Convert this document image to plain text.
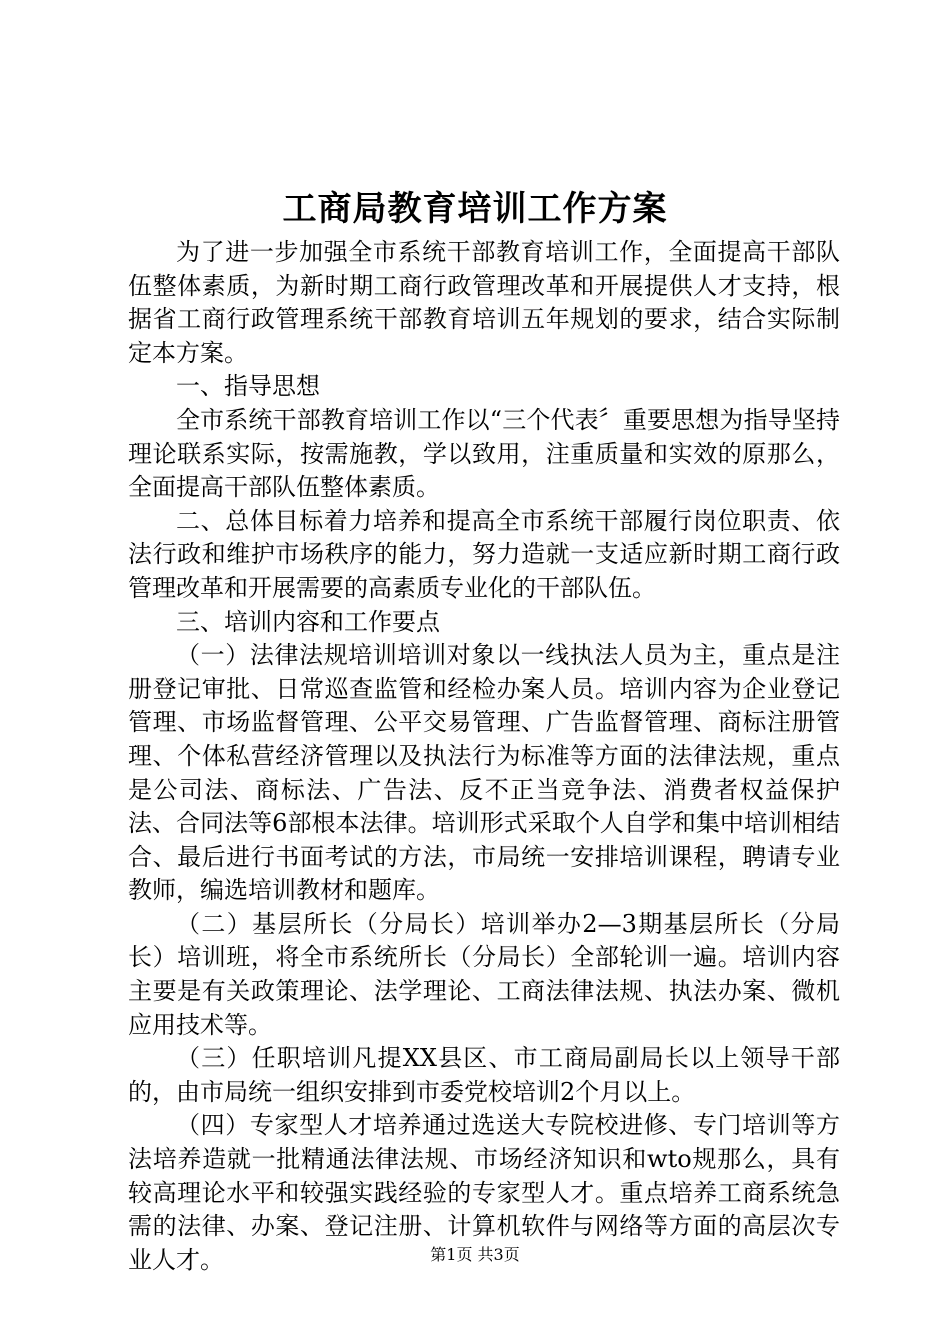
工商局教育培训工作方案

为了进一步加强全市系统干部教育培训工作，全面提高干部队伍整体素质，为新时期工商行政管理改革和开展提供人才支持，根据省工商行政管理系统干部教育培训五年规划的要求，结合实际制定本方案。

一、指导思想

全市系统干部教育培训工作以“三个代表〞重要思想为指导坚持理论联系实际，按需施教，学以致用，注重质量和实效的原那么，全面提高干部队伍整体素质。

二、总体目标着力培养和提高全市系统干部履行岗位职责、依法行政和维护市场秩序的能力，努力造就一支适应新时期工商行政管理改革和开展需要的高素质专业化的干部队伍。

三、培训内容和工作要点

（一）法律法规培训培训对象以一线执法人员为主，重点是注册登记审批、日常巡查监管和经检办案人员。培训内容为企业登记管理、市场监督管理、公平交易管理、广告监督管理、商标注册管理、个体私营经济管理以及执法行为标准等方面的法律法规，重点是公司法、商标法、广告法、反不正当竞争法、消费者权益保护法、合同法等6部根本法律。培训形式采取个人自学和集中培训相结合、最后进行书面考试的方法，市局统一安排培训课程，聘请专业教师，编选培训教材和题库。

（二）基层所长（分局长）培训举办2—3期基层所长（分局长）培训班，将全市系统所长（分局长）全部轮训一遍。培训内容主要是有关政策理论、法学理论、工商法律法规、执法办案、微机应用技术等。

（三）任职培训凡提XX县区、市工商局副局长以上领导干部的，由市局统一组织安排到市委党校培训2个月以上。

（四）专家型人才培养通过选送大专院校进修、专门培训等方法培养造就一批精通法律法规、市场经济知识和wto规那么，具有较高理论水平和较强实践经验的专家型人才。重点培养工商系统急需的法律、办案、登记注册、计算机软件与网络等方面的高层次专业人才。	第1页 共3页
